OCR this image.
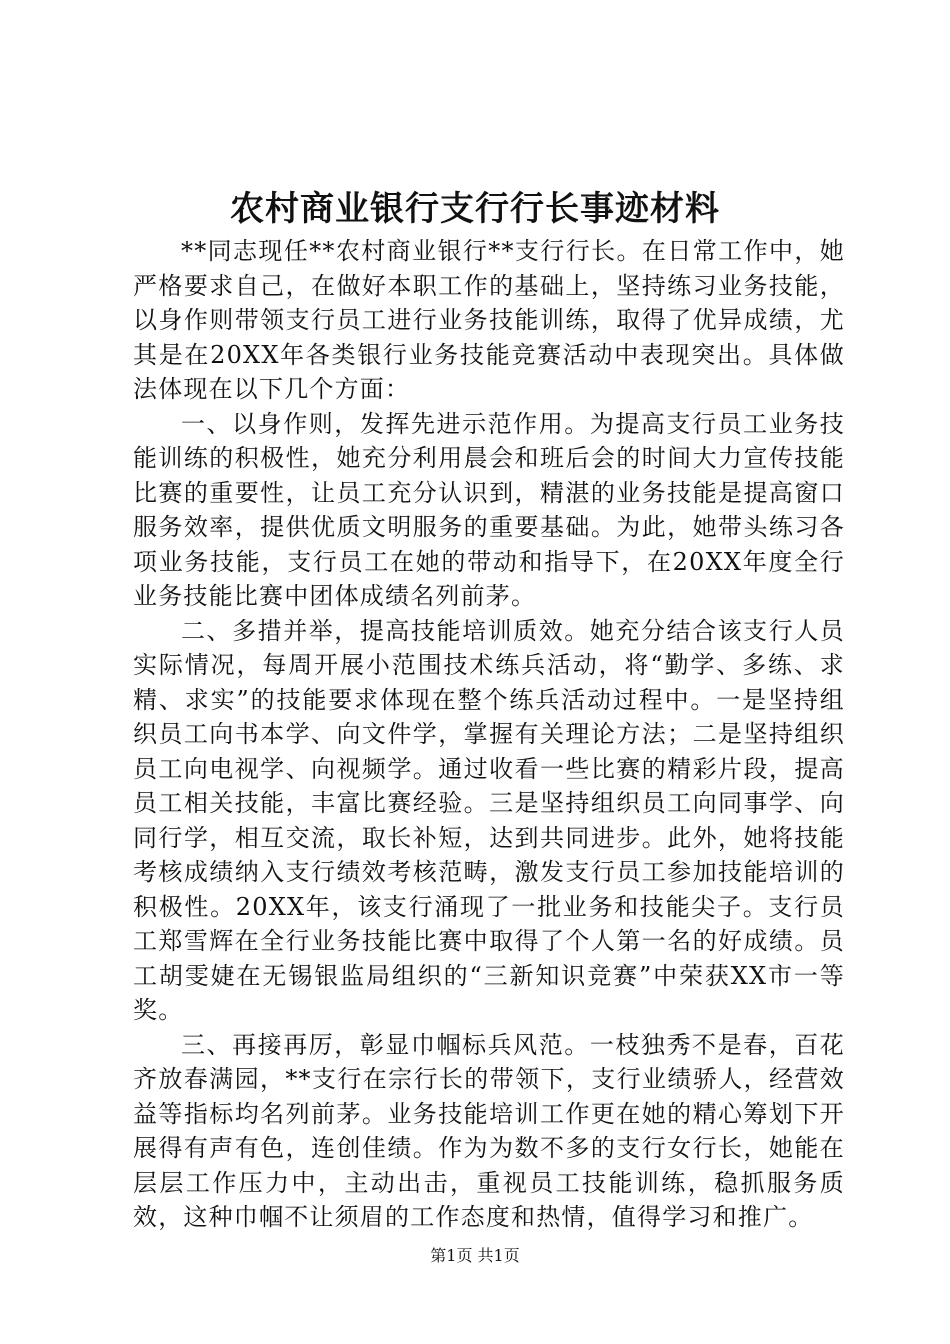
农村商业银行支行行长事迹材料

**同志现任**农村商业银行**支行行长。在日常工作中，她严格要求自己，在做好本职工作的基础上，坚持练习业务技能，以身作则带领支行员工进行业务技能训练，取得了优异成绩，尤其是在20XX年各类银行业务技能竞赛活动中表现突出。具体做法体现在以下几个方面：

一、以身作则，发挥先进示范作用。为提高支行员工业务技能训练的积极性，她充分利用晨会和班后会的时间大力宣传技能比赛的重要性，让员工充分认识到，精湛的业务技能是提高窗口服务效率，提供优质文明服务的重要基础。为此，她带头练习各项业务技能，支行员工在她的带动和指导下，在20XX年度全行业务技能比赛中团体成绩名列前茅。

二、多措并举，提高技能培训质效。她充分结合该支行人员实际情况，每周开展小范围技术练兵活动，将“勤学、多练、求精、求实”的技能要求体现在整个练兵活动过程中。一是坚持组织员工向书本学、向文件学，掌握有关理论方法；二是坚持组织员工向电视学、向视频学。通过收看一些比赛的精彩片段，提高员工相关技能，丰富比赛经验。三是坚持组织员工向同事学、向同行学，相互交流，取长补短，达到共同进步。此外，她将技能考核成绩纳入支行绩效考核范畴，激发支行员工参加技能培训的积极性。20XX年，该支行涌现了一批业务和技能尖子。支行员工郑雪辉在全行业务技能比赛中取得了个人第一名的好成绩。员工胡雯婕在无锡银监局组织的“三新知识竞赛”中荣获XX市一等奖。

三、再接再厉，彰显巾帼标兵风范。一枝独秀不是春，百花齐放春满园，**支行在宗行长的带领下，支行业绩骄人，经营效益等指标均名列前茅。业务技能培训工作更在她的精心筹划下开展得有声有色，连创佳绩。作为为数不多的支行女行长，她能在层层工作压力中，主动出击，重视员工技能训练，稳抓服务质效，这种巾帼不让须眉的工作态度和热情，值得学习和推广。

第1页 共1页
